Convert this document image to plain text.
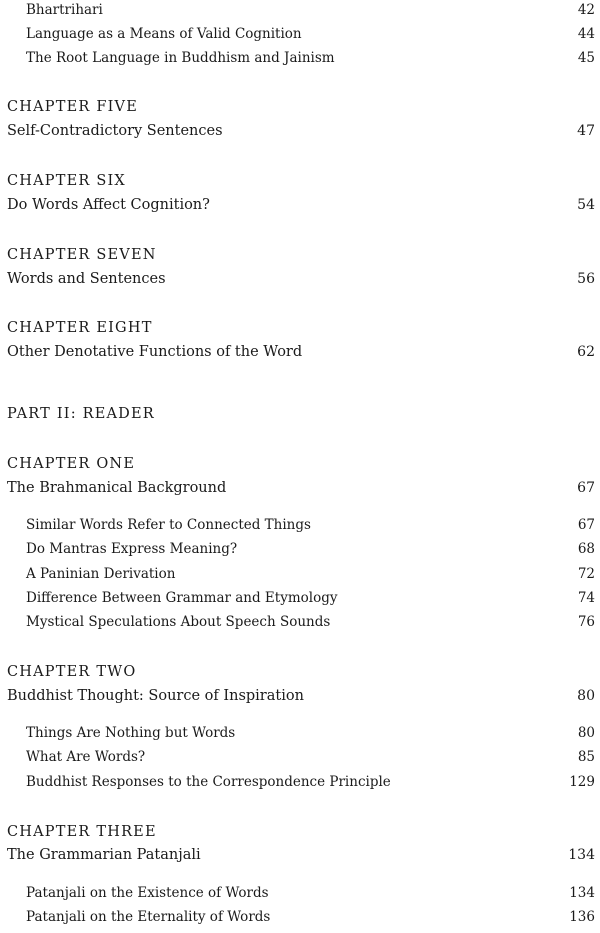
Bhartrihari	42
Language as a Means of Valid Cognition	44
The Root Language in Buddhism and Jainism	45
CHAPTER FIVE
Self-Contradictory Sentences	47
CHAPTER SIX
Do Words Affect Cognition?	54
CHAPTER SEVEN
Words and Sentences	56
CHAPTER EIGHT
Other Denotative Functions of the Word	62
PART II: READER
CHAPTER ONE
The Brahmanical Background	67
Similar Words Refer to Connected Things	67
Do Mantras Express Meaning?	68
A Paninian Derivation	72
Difference Between Grammar and Etymology	74
Mystical Speculations About Speech Sounds	76
CHAPTER TWO
Buddhist Thought: Source of Inspiration	80
Things Are Nothing but Words	80
What Are Words?	85
Buddhist Responses to the Correspondence Principle	129
CHAPTER THREE
The Grammarian Patanjali	134
Patanjali on the Existence of Words	134
Patanjali on the Eternality of Words	136
